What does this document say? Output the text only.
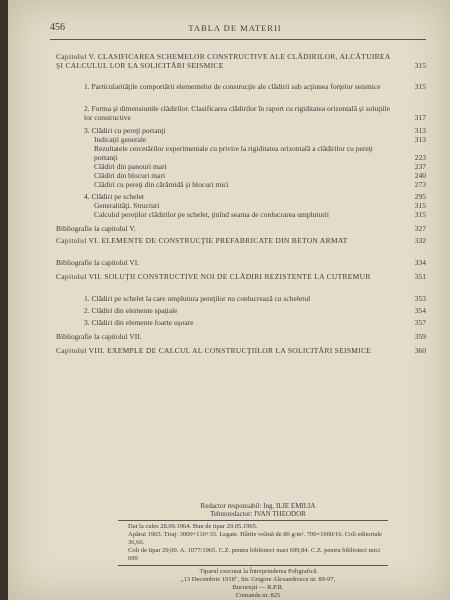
456	TABLA DE MATERII
Capitolul V. CLASIFICAREA SCHEMELOR CONSTRUCTIVE ALE CLĂDIRILOR, ALCĂTUIREA ŞI CALCULUL LOR LA SOLICITĂRI SEISMICE	315
1. Particularităţile comportării elementelor de construcţie ale clădirii sub acţiunea forţelor seismice	315
2. Forma şi dimensiunile clădirilor. Clasificarea clădirilor în raport cu rigiditatea orizontală şi soluţiile lor constructive	317
3. Clădiri cu pereţi portanţi	313
Indicaţii generale	313
Rezultatele cercetărilor experimentale cu privire la rigiditatea orizontală a clădirilor cu pereţi portanţi	223
Clădiri din panouri mari	237
Clădiri din blocuri mari	240
Clădiri cu pereţi din cărămidă şi blocuri mici	273
4. Clădiri pe schelet	295
Generalităţi. Structuri	315
Calculul pereţilor clădirilor pe schelet, ţinînd seama de conlucrarea umpluturii	315
Bibliografie la capitolul V.	327
Capitolul VI. ELEMENTE DE CONSTRUCŢIE PREFABRICATE DIN BETON ARMAT	332
Bibliografie la capitolul VI.	334
Capitolul VII. SOLUŢII CONSTRUCTIVE NOI DE CLĂDIRI REZISTENTE LA CUTREMUR	351
1. Clădiri pe schelet la care umplutura pereţilor nu conlucrează cu scheletul	353
2. Clădiri din elemente spaţiale	354
3. Clădiri din elemente foarte uşoare	357
Bibliografie la capitolul VII.	359
Capitolul VIII. EXEMPLE DE CALCUL AL CONSTRUCŢIILOR LA SOLICITĂRI SEISMICE	360
Redactor responsabil: Ing. ILIE EMILIA
Tehnoredactor: IVAN THEODOR
Dat la cules 28.09.1964. Bun de tipar 29.05.1965.
Apărut 1965. Tiraj: 3000+110+35. Legate. Hârtie velină de 80 g/m². 700×1000/16. Coli editoriale 36,60.
Coli de tipar 29,00. A. 1077/1965. C.Z. pentru biblioteci mari 699,84. C.Z. pentru biblioteci mici 699
Tiparul executat la Întreprinderea Poligrafică
„13 Decembrie 1918", Str. Grigore Alexandrescu nr. 89-97,
Bucureşti — R.P.R.
Comanda nr. 825
